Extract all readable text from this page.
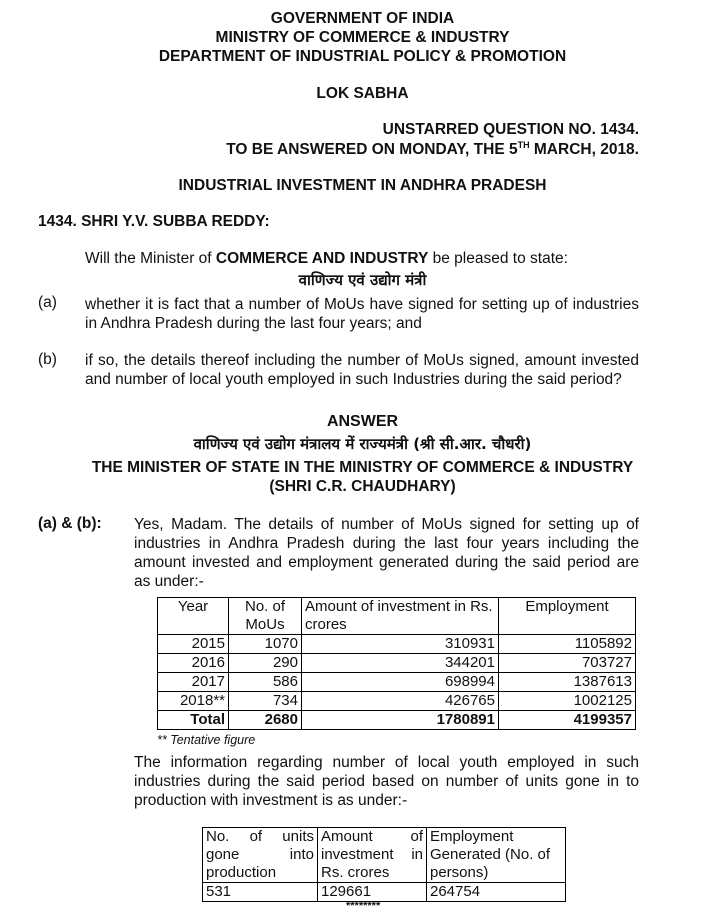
GOVERNMENT OF INDIA
MINISTRY OF COMMERCE & INDUSTRY
DEPARTMENT OF INDUSTRIAL POLICY & PROMOTION
LOK SABHA
UNSTARRED QUESTION NO. 1434.
TO BE ANSWERED ON MONDAY, THE 5TH MARCH, 2018.
INDUSTRIAL INVESTMENT IN ANDHRA PRADESH
1434. SHRI Y.V. SUBBA REDDY:
Will the Minister of COMMERCE AND INDUSTRY be pleased to state:
वाणिज्य एवं उद्योग मंत्री
(a) whether it is fact that a number of MoUs have signed for setting up of industries in Andhra Pradesh during the last four years; and
(b) if so, the details thereof including the number of MoUs signed, amount invested and number of local youth employed in such Industries during the said period?
ANSWER
वाणिज्य एवं उद्योग मंत्रालय में राज्यमंत्री (श्री सी.आर. चौधरी)
THE MINISTER OF STATE IN THE MINISTRY OF COMMERCE & INDUSTRY
(SHRI C.R. CHAUDHARY)
(a) & (b): Yes, Madam. The details of number of MoUs signed for setting up of industries in Andhra Pradesh during the last four years including the amount invested and employment generated during the said period are as under:-
Year	No. of MoUs	Amount of investment in Rs. crores	Employment
2015	1070	310931	1105892
2016	290	344201	703727
2017	586	698994	1387613
2018**	734	426765	1002125
Total	2680	1780891	4199357
** Tentative figure
The information regarding number of local youth employed in such industries during the said period based on number of units gone in to production with investment is as under:-
No. of units gone into production	Amount of investment in Rs. crores	Employment Generated (No. of persons)
531	129661	264754
********
